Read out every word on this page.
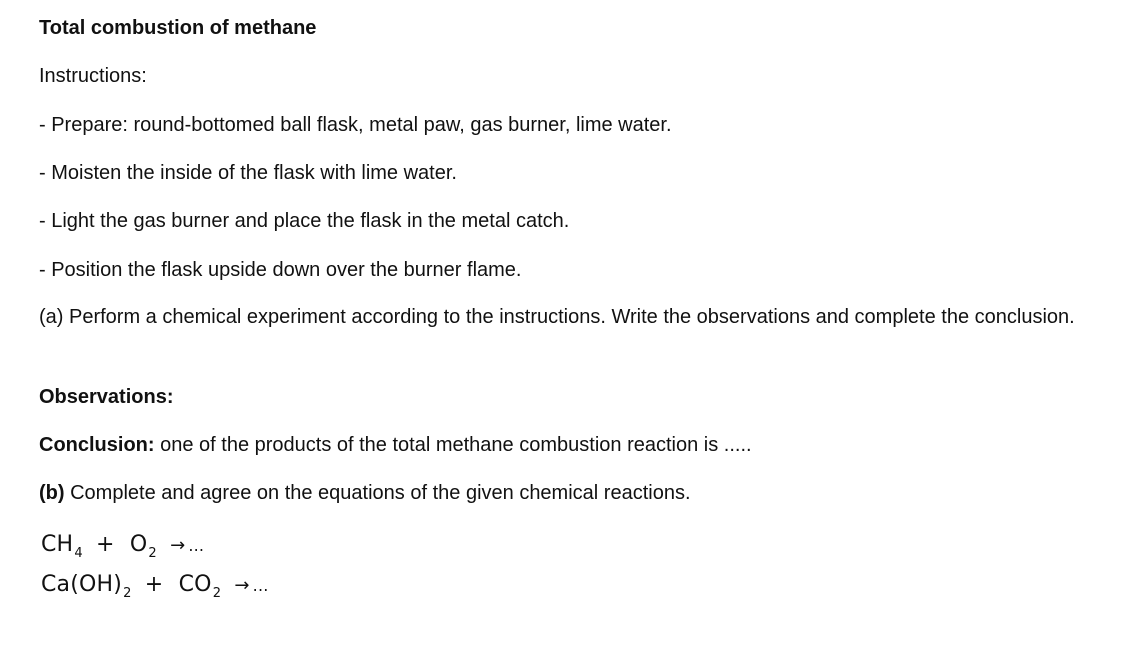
Total combustion of methane

Instructions:

- Prepare: round-bottomed ball flask, metal paw, gas burner, lime water.

- Moisten the inside of the flask with lime water.

- Light the gas burner and place the flask in the metal catch.

- Position the flask upside down over the burner flame.

(a) Perform a chemical experiment according to the instructions. Write the observations and complete the conclusion.

Observations:

Conclusion: one of the products of the total methane combustion reaction is .....

(b) Complete and agree on the equations of the given chemical reactions.

$CH_4 + O_2$ → ...
$Ca(OH)_2 + CO_2$ → ...
